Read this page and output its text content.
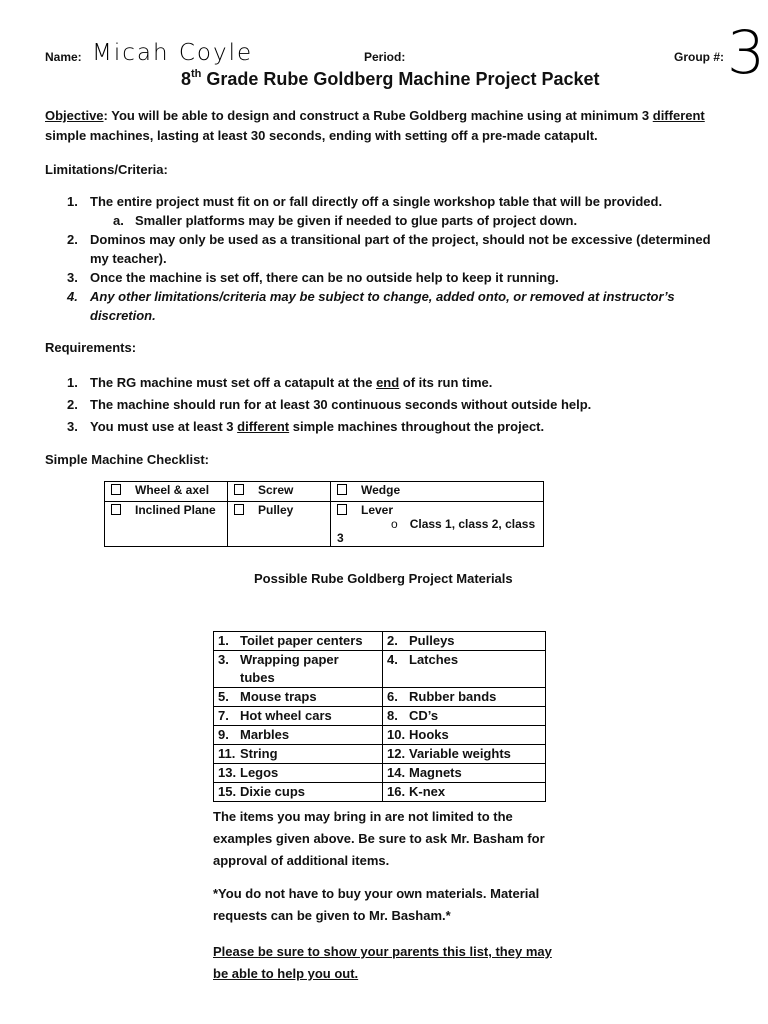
Name: Micah Coyle	Period:	Group #: 3
8th Grade Rube Goldberg Machine Project Packet
Objective: You will be able to design and construct a Rube Goldberg machine using at minimum 3 different simple machines, lasting at least 30 seconds, ending with setting off a pre-made catapult.
Limitations/Criteria:
1. The entire project must fit on or fall directly off a single workshop table that will be provided.
a. Smaller platforms may be given if needed to glue parts of project down.
2. Dominos may only be used as a transitional part of the project, should not be excessive (determined my teacher).
3. Once the machine is set off, there can be no outside help to keep it running.
4. Any other limitations/criteria may be subject to change, added onto, or removed at instructor’s discretion.
Requirements:
1. The RG machine must set off a catapult at the end of its run time.
2. The machine should run for at least 30 continuous seconds without outside help.
3. You must use at least 3 different simple machines throughout the project.
Simple Machine Checklist:
Wheel & axel	Screw	Wedge
Inclined Plane	Pulley	Lever
o Class 1, class 2, class 3
Possible Rube Goldberg Project Materials
1. Toilet paper centers	2. Pulleys

3. Wrapping paper tubes	4. Latches
5. Mouse traps	6. Rubber bands
7. Hot wheel cars	8. CD’s
9. Marbles	10. Hooks
11. String	12. Variable weights
13. Legos	14. Magnets
15. Dixie cups	16. K-nex
The items you may bring in are not limited to the examples given above. Be sure to ask Mr. Basham for approval of additional items.
*You do not have to buy your own materials. Material requests can be given to Mr. Basham.*
Please be sure to show your parents this list, they may be able to help you out.
